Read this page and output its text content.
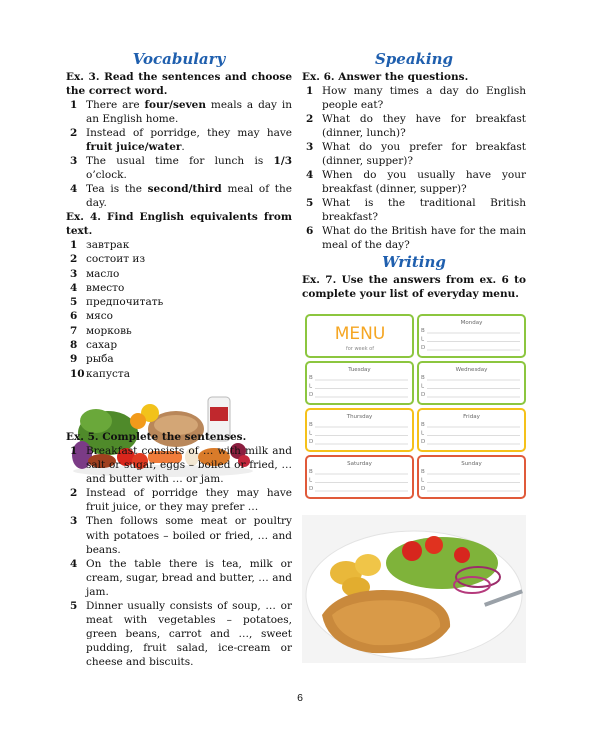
Vocabulary

Ex. 3. Read the sentences and choose the correct word.

1 There are four/seven meals a day in an English home.
2 Instead of porridge, they may have fruit juice/water.
3 The usual time for lunch is 1/3 o’clock.
4 Tea is the second/third meal of the day.

Ex. 4. Find English equivalents from text.

1 завтрак
2 состоит из
3 масло
4 вместо
5 предпочитать
6 мясо
7 морковь
8 сахар
9 рыба
10 капуста

Ex. 5. Complete the sentenses.

1 Breakfast consists of … with milk and salt or sugar, eggs – boiled or fried, … and butter with … or jam.
2 Instead of porridge they may have fruit juice, or they may prefer …
3 Then follows some meat or poultry with potatoes – boiled or fried, … and beans.
4 On the table there is tea, milk or cream, sugar, bread and butter, … and jam.
5 Dinner usually consists of soup, … or meat with vegetables – potatoes, green beans, carrot and …, sweet pudding, fruit salad, ice-cream or cheese and biscuits.
Speaking

Ex. 6. Answer the questions.

1 How many times a day do English people eat?
2 What do they have for breakfast (dinner, lunch)?
3 What do you prefer for breakfast (dinner, supper)?
4 When do you usually have your breakfast (dinner, supper)?
5 What is the traditional British breakfast?
6 What do the British have for the main meal of the day?
Writing

Ex. 7. Use the answers from ex. 6 to complete your list of everyday menu.

MENU
for week of
Monday
B
L
D
Tuesday
B
L
D
Wednesday
B
L
D
Thursday
B
L
D
Friday
B
L
D
Saturday
B
L
D
Sunday
B
L
D
6
